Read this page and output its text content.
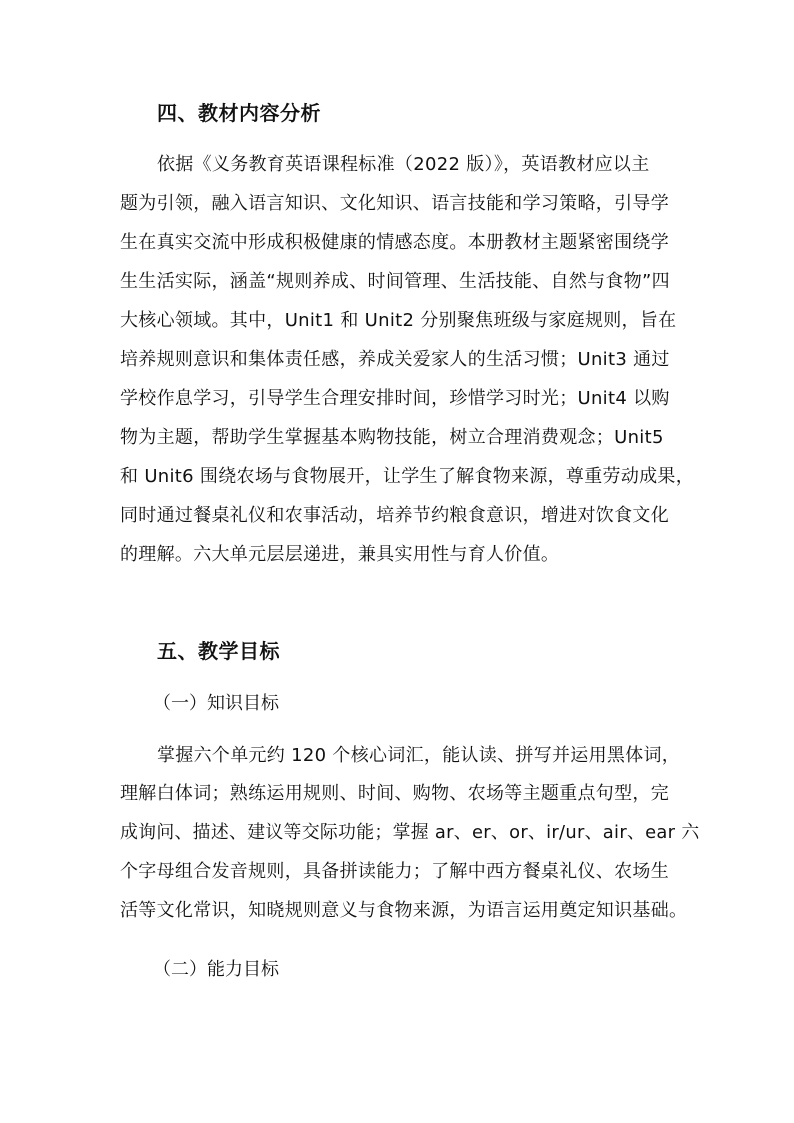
四、教材内容分析
依据《义务教育英语课程标准（2022 版）》，英语教材应以主
题为引领，融入语言知识、文化知识、语言技能和学习策略，引导学
生在真实交流中形成积极健康的情感态度。本册教材主题紧密围绕学
生生活实际，涵盖“规则养成、时间管理、生活技能、自然与食物”四
大核心领域。其中，Unit1 和 Unit2 分别聚焦班级与家庭规则，旨在
培养规则意识和集体责任感，养成关爱家人的生活习惯；Unit3 通过
学校作息学习，引导学生合理安排时间，珍惜学习时光；Unit4 以购
物为主题，帮助学生掌握基本购物技能，树立合理消费观念；Unit5
和 Unit6 围绕农场与食物展开，让学生了解食物来源，尊重劳动成果，
同时通过餐桌礼仪和农事活动，培养节约粮食意识，增进对饮食文化
的理解。六大单元层层递进，兼具实用性与育人价值。
五、教学目标
（一）知识目标
掌握六个单元约 120 个核心词汇，能认读、拼写并运用黑体词，
理解白体词；熟练运用规则、时间、购物、农场等主题重点句型，完
成询问、描述、建议等交际功能；掌握 ar、er、or、ir/ur、air、ear 六
个字母组合发音规则，具备拼读能力；了解中西方餐桌礼仪、农场生
活等文化常识，知晓规则意义与食物来源，为语言运用奠定知识基础。
（二）能力目标
